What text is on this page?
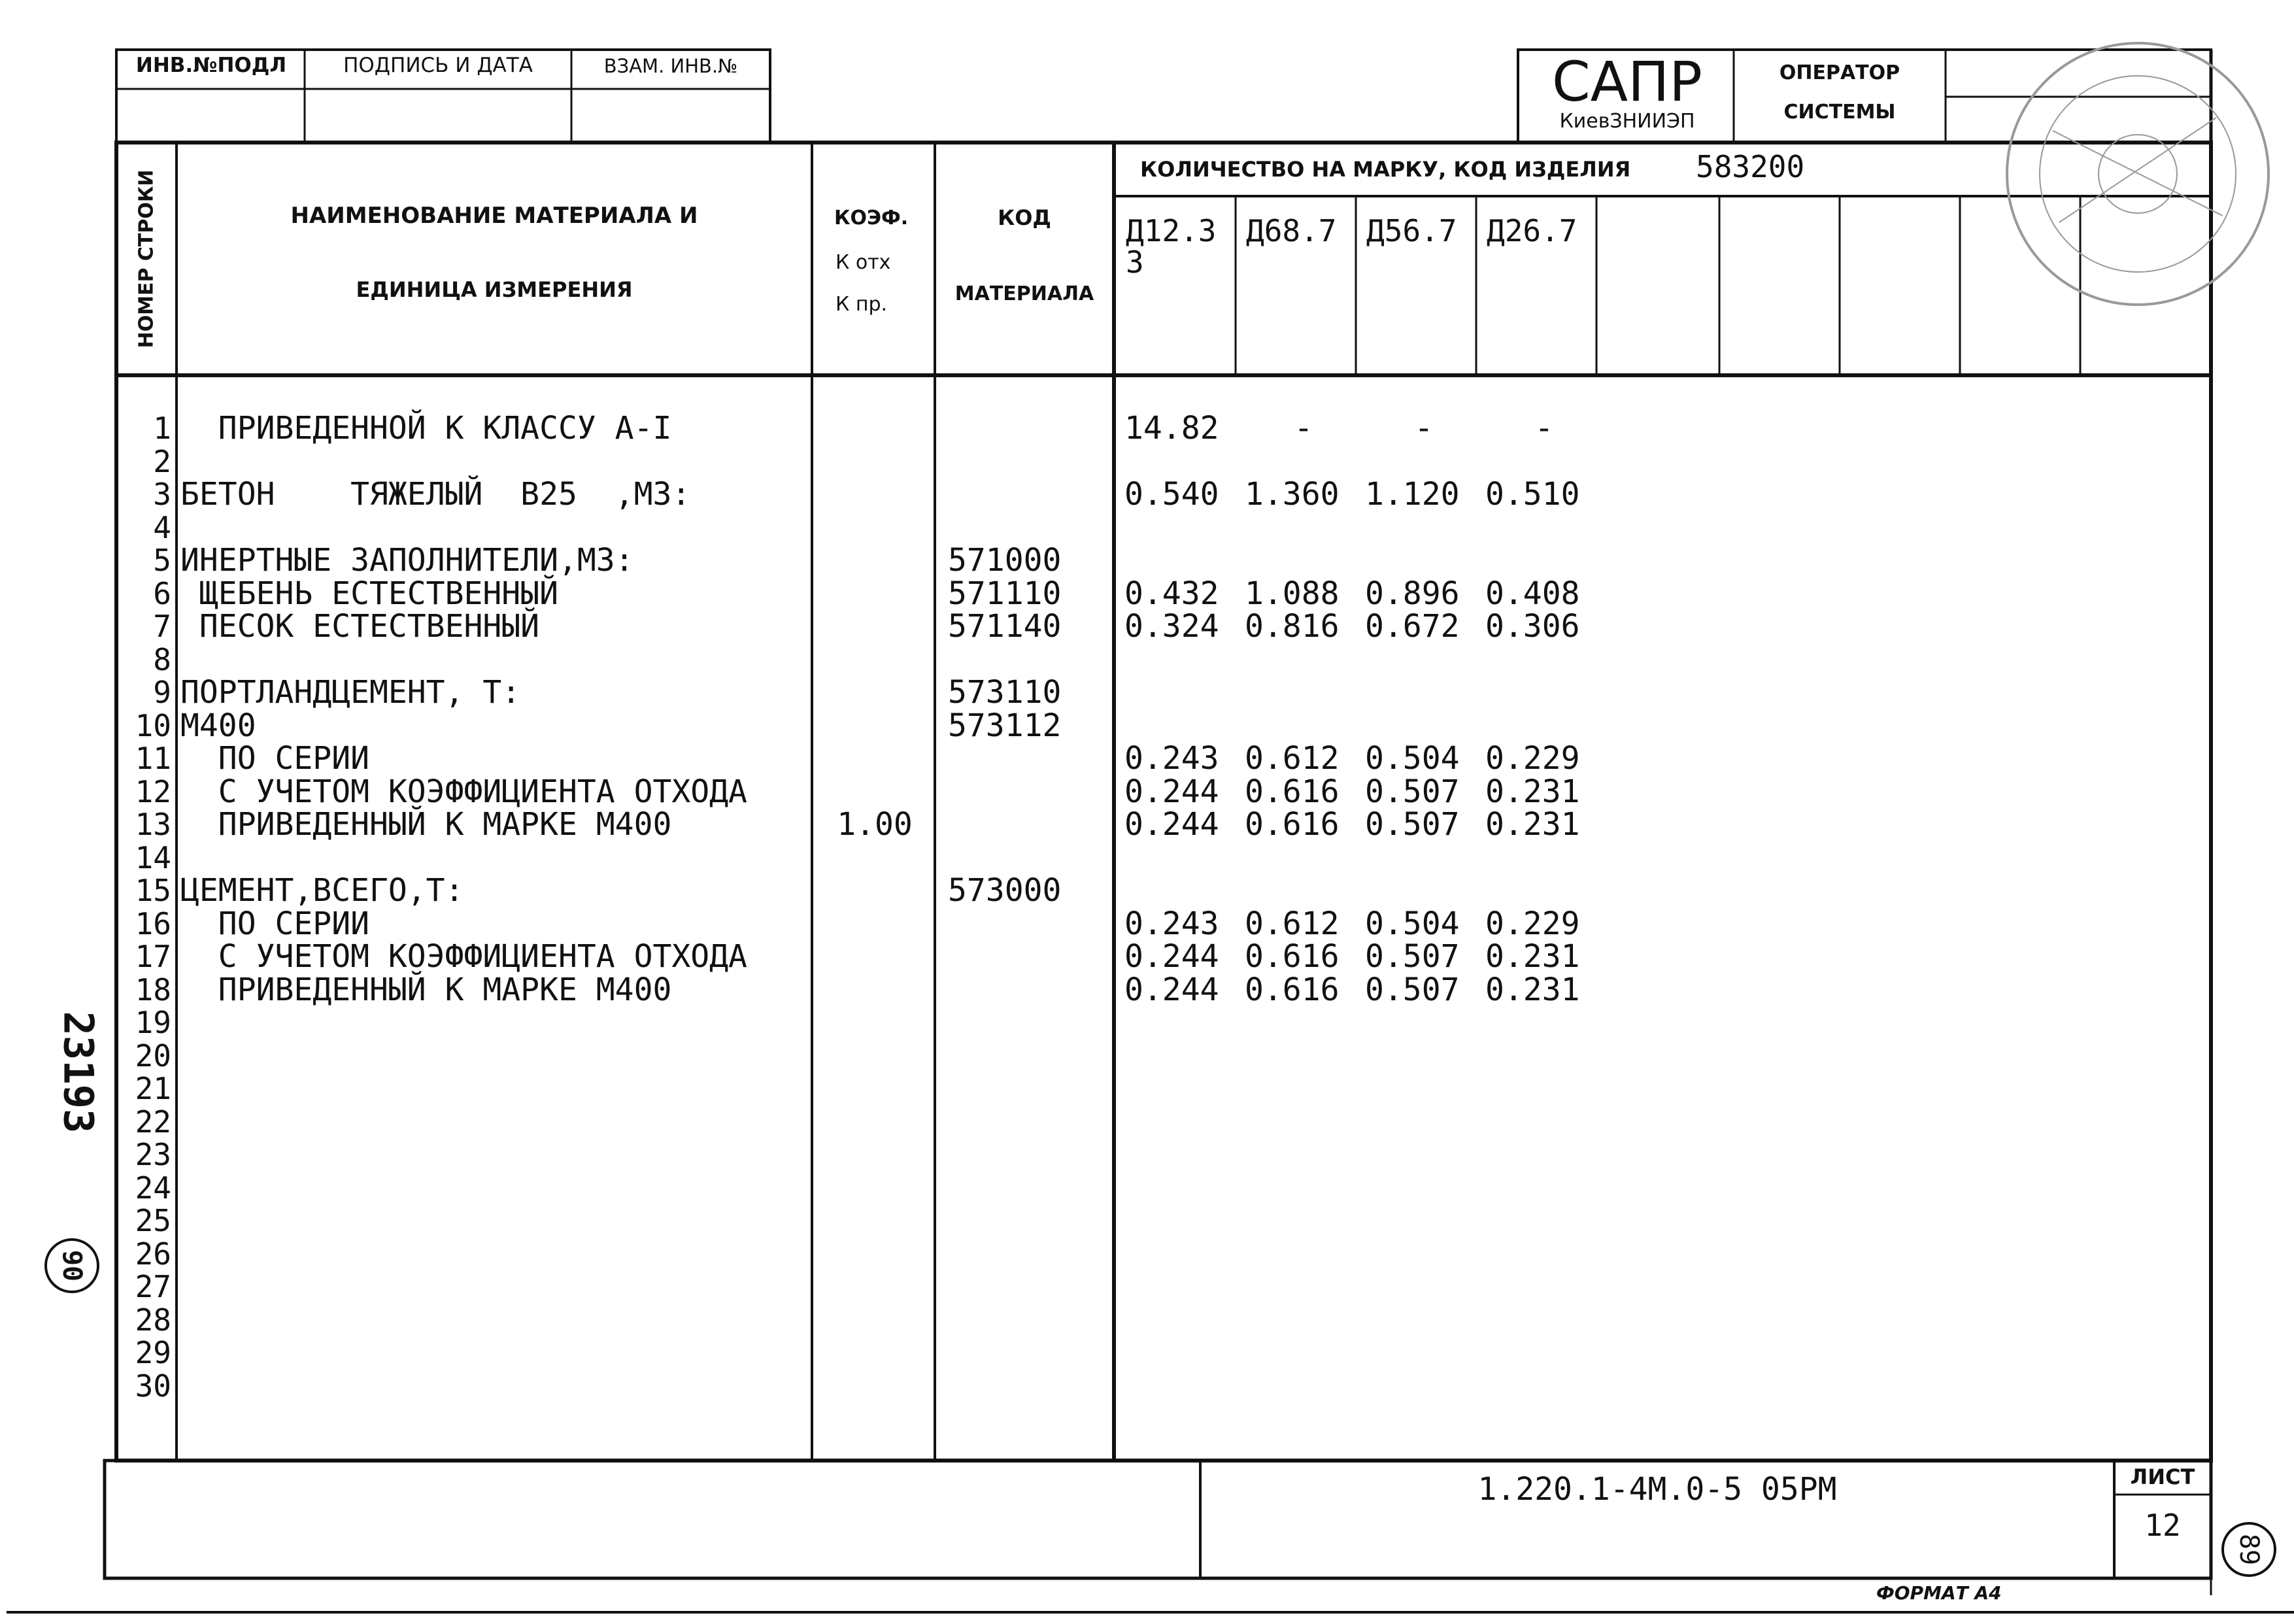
ИНВ.№ПОДЛ	ПОДПИСЬ И ДАТА	ВЗАМ. ИНВ.№	САПР
КиевЗНИИЭП
ОПЕРАТОР
СИСТЕМЫ
НОМЕР СТРОКИ	НАИМЕНОВАНИЕ МАТЕРИАЛА И
ЕДИНИЦА ИЗМЕРЕНИЯ
КОЭФ.
К отх
К пр.
КОД
МАТЕРИАЛА
КОЛИЧЕСТВО НА МАРКУ, КОД ИЗДЕЛИЯ 583200
Д12.3
3
Д68.7 Д56.7 Д26.7
1 ПРИВЕДЕННОЙ К КЛАССУ А-I	14.82	-	-	-
2
3 БЕТОН    ТЯЖЕЛЫЙ  В25  ,М3:	0.540 1.360 1.120 0.510
4
5 ИНЕРТНЫЕ ЗАПОЛНИТЕЛИ,М3:	571000
6 ЩЕБЕНЬ ЕСТЕСТВЕННЫЙ	571110	0.432 1.088 0.896 0.408
7 ПЕСОК ЕСТЕСТВЕННЫЙ	571140	0.324 0.816 0.672 0.306
8
9 ПОРТЛАНДЦЕМЕНТ, Т:	573110
10 М400	573112
11 ПО СЕРИИ	0.243 0.612 0.504 0.229
12 С УЧЕТОМ КОЭФФИЦИЕНТА ОТХОДА	0.244 0.616 0.507 0.231
13 ПРИВЕДЕННЫЙ К МАРКЕ М400	1.00	0.244 0.616 0.507 0.231
14
15 ЦЕМЕНТ,ВСЕГО,Т:	573000
16 ПО СЕРИИ	0.243 0.612 0.504 0.229
17 С УЧЕТОМ КОЭФФИЦИЕНТА ОТХОДА	0.244 0.616 0.507 0.231
18 ПРИВЕДЕННЫЙ К МАРКЕ М400	0.244 0.616 0.507 0.231
19
20
21
22
23
24
25
26
27
28
29
30
1.220.1-4М.0-5 05РМ	ЛИСТ
12
ФОРМАТ А4
23193
90
89
